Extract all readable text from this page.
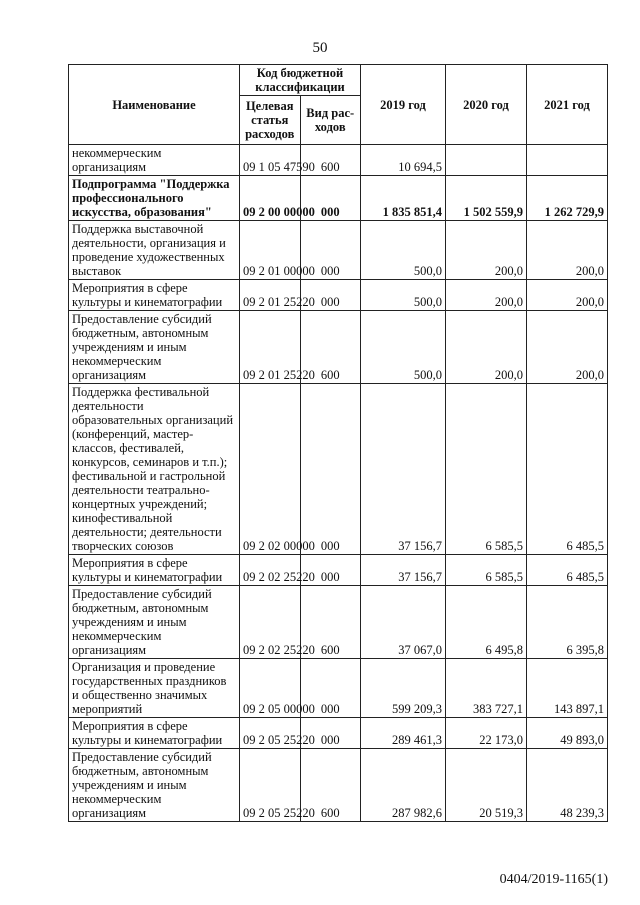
50
Наименование	Код бюджетной классификации		2019 год	2020 год	2021 год
	Целевая статья расходов	Вид рас-ходов			
некоммерческим организациям	09 1 05 47590	600	10 694,5		
Подпрограмма "Поддержка профессионального искусства, образования"	09 2 00 00000	000	1 835 851,4	1 502 559,9	1 262 729,9
Поддержка выставочной деятельности, организация и проведение художественных выставок	09 2 01 00000	000	500,0	200,0	200,0
Мероприятия в сфере культуры и кинематографии	09 2 01 25220	000	500,0	200,0	200,0
Предоставление субсидий бюджетным, автономным учреждениям и иным некоммерческим организациям	09 2 01 25220	600	500,0	200,0	200,0
Поддержка фестивальной деятельности образовательных организаций (конференций, мастер-классов, фестивалей, конкурсов, семинаров и т.п.); фестивальной и гастрольной деятельности театрально-концертных учреждений; кинофестивальной деятельности; деятельности творческих союзов	09 2 02 00000	000	37 156,7	6 585,5	6 485,5
Мероприятия в сфере культуры и кинематографии	09 2 02 25220	000	37 156,7	6 585,5	6 485,5
Предоставление субсидий бюджетным, автономным учреждениям и иным некоммерческим организациям	09 2 02 25220	600	37 067,0	6 495,8	6 395,8
Организация и проведение государственных праздников и общественно значимых мероприятий	09 2 05 00000	000	599 209,3	383 727,1	143 897,1
Мероприятия в сфере культуры и кинематографии	09 2 05 25220	000	289 461,3	22 173,0	49 893,0
Предоставление субсидий бюджетным, автономным учреждениям и иным некоммерческим организациям	09 2 05 25220	600	287 982,6	20 519,3	48 239,3
0404/2019-1165(1)
